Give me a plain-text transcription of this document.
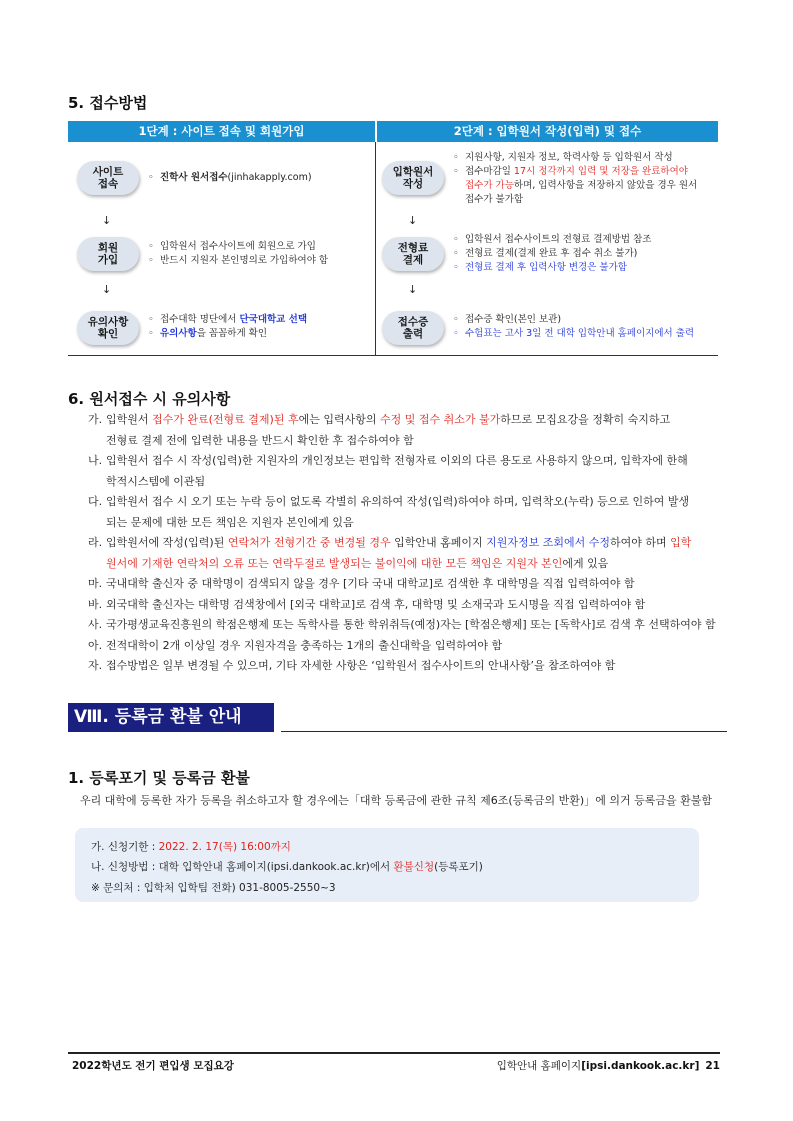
5. 접수방법
1단계 : 사이트 접속 및 회원가입	2단계 : 입학원서 작성(입력) 및 접수
사이트
접속
◦ 진학사 원서접수(jinhakapply.com)
↓
회원
가입
◦ 입학원서 접수사이트에 회원으로 가입
◦ 반드시 지원자 본인명의로 가입하여야 함
↓
유의사항
확인
◦ 접수대학 명단에서 단국대학교 선택
◦ 유의사항을 꼼꼼하게 확인
입학원서
작성
◦ 지원사항, 지원자 정보, 학력사항 등 입학원서 작성
◦ 접수마감일 17시 정각까지 입력 및 저장을 완료하여야
접수가 가능하며, 입력사항을 저장하지 않았을 경우 원서
접수가 불가함
↓
전형료
결제
◦ 입학원서 접수사이트의 전형료 결제방법 참조
◦ 전형료 결제(결제 완료 후 접수 취소 불가)
◦ 전형료 결제 후 입력사항 변경은 불가함
↓
접수증
출력
◦ 접수증 확인(본인 보관)
◦ 수험표는 고사 3일 전 대학 입학안내 홈페이지에서 출력
6. 원서접수 시 유의사항
가. 입학원서 접수가 완료(전형료 결제)된 후에는 입력사항의 수정 및 접수 취소가 불가하므로 모집요강을 정확히 숙지하고
전형료 결제 전에 입력한 내용을 반드시 확인한 후 접수하여야 함
나. 입학원서 접수 시 작성(입력)한 지원자의 개인정보는 편입학 전형자료 이외의 다른 용도로 사용하지 않으며, 입학자에 한해
학적시스템에 이관됨
다. 입학원서 접수 시 오기 또는 누락 등이 없도록 각별히 유의하여 작성(입력)하여야 하며, 입력착오(누락) 등으로 인하여 발생
되는 문제에 대한 모든 책임은 지원자 본인에게 있음
라. 입학원서에 작성(입력)된 연락처가 전형기간 중 변경될 경우 입학안내 홈페이지 지원자정보 조회에서 수정하여야 하며 입학
원서에 기재한 연락처의 오류 또는 연락두절로 발생되는 불이익에 대한 모든 책임은 지원자 본인에게 있음
마. 국내대학 출신자 중 대학명이 검색되지 않을 경우 [기타 국내 대학교]로 검색한 후 대학명을 직접 입력하여야 함
바. 외국대학 출신자는 대학명 검색창에서 [외국 대학교]로 검색 후, 대학명 및 소재국과 도시명을 직접 입력하여야 함
사. 국가평생교육진흥원의 학점은행제 또는 독학사를 통한 학위취득(예정)자는 [학점은행제] 또는 [독학사]로 검색 후 선택하여야 함
아. 전적대학이 2개 이상일 경우 지원자격을 충족하는 1개의 출신대학을 입력하여야 함
자. 접수방법은 일부 변경될 수 있으며, 기타 자세한 사항은 ‘입학원서 접수사이트의 안내사항’을 참조하여야 함
Ⅷ. 등록금 환불 안내
1. 등록포기 및 등록금 환불
우리 대학에 등록한 자가 등록을 취소하고자 할 경우에는「대학 등록금에 관한 규칙 제6조(등록금의 반환)」에 의거 등록금을 환불함
가. 신청기한 : 2022. 2. 17(목) 16:00까지
나. 신청방법 : 대학 입학안내 홈페이지(ipsi.dankook.ac.kr)에서 환불신청(등록포기)
※ 문의처 : 입학처 입학팀 전화) 031-8005-2550~3
2022학년도 전기 편입생 모집요강	입학안내 홈페이지[ipsi.dankook.ac.kr] 21
